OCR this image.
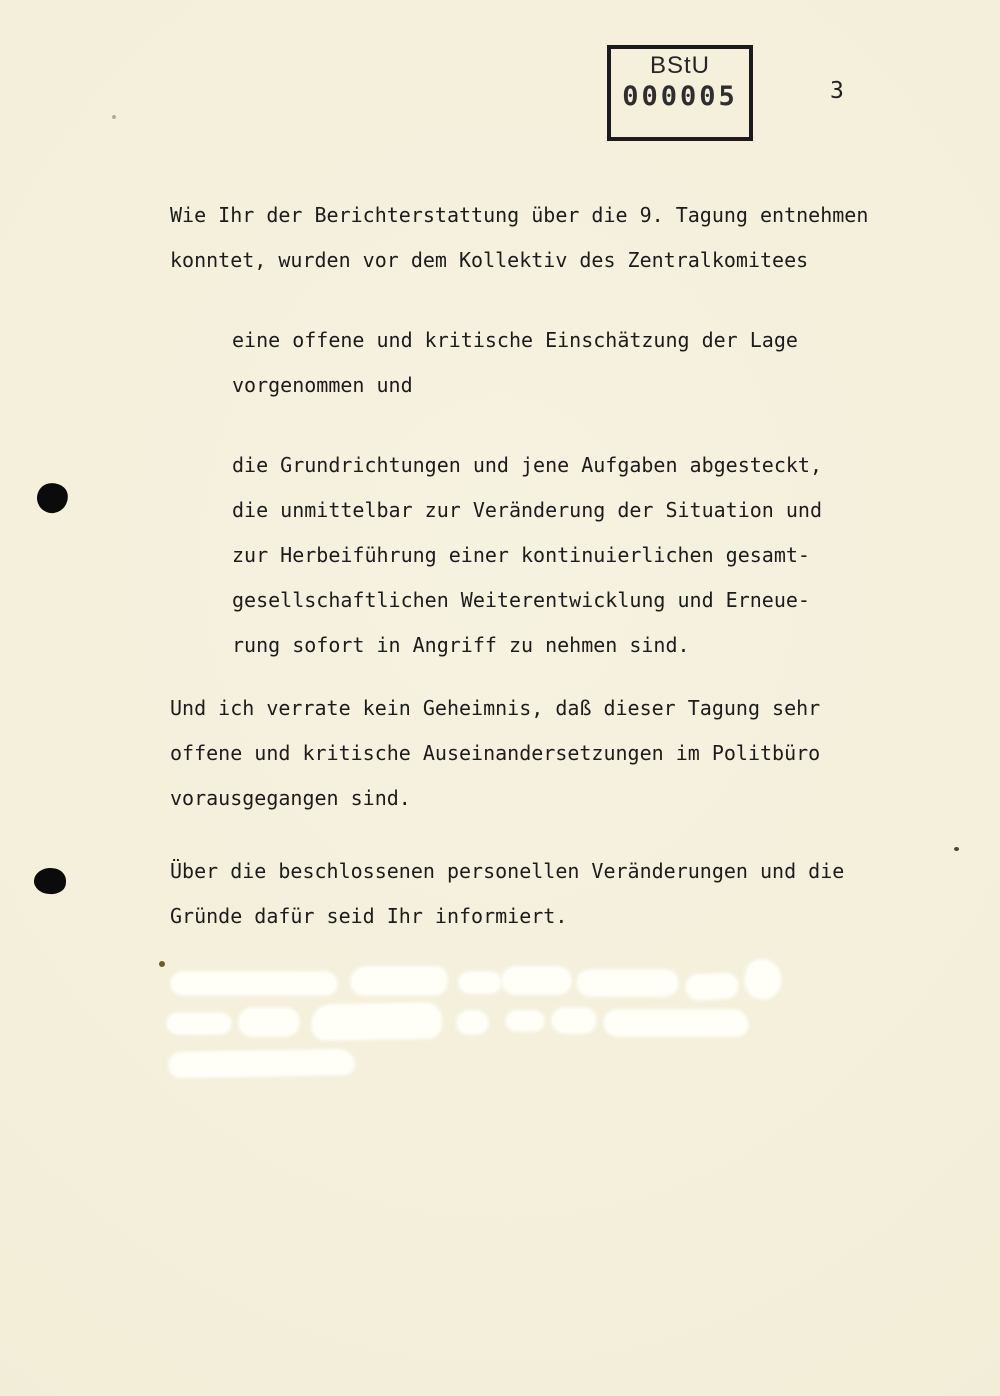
BStU
000005	3
Wie Ihr der Berichterstattung über die 9. Tagung entnehmen
konntet, wurden vor dem Kollektiv des Zentralkomitees
eine offene und kritische Einschätzung der Lage
vorgenommen und
die Grundrichtungen und jene Aufgaben abgesteckt,
die unmittelbar zur Veränderung der Situation und
zur Herbeiführung einer kontinuierlichen gesamt-
gesellschaftlichen Weiterentwicklung und Erneue-
rung sofort in Angriff zu nehmen sind.
Und ich verrate kein Geheimnis, daß dieser Tagung sehr
offene und kritische Auseinandersetzungen im Politbüro
vorausgegangen sind.
Über die beschlossenen personellen Veränderungen und die
Gründe dafür seid Ihr informiert.
